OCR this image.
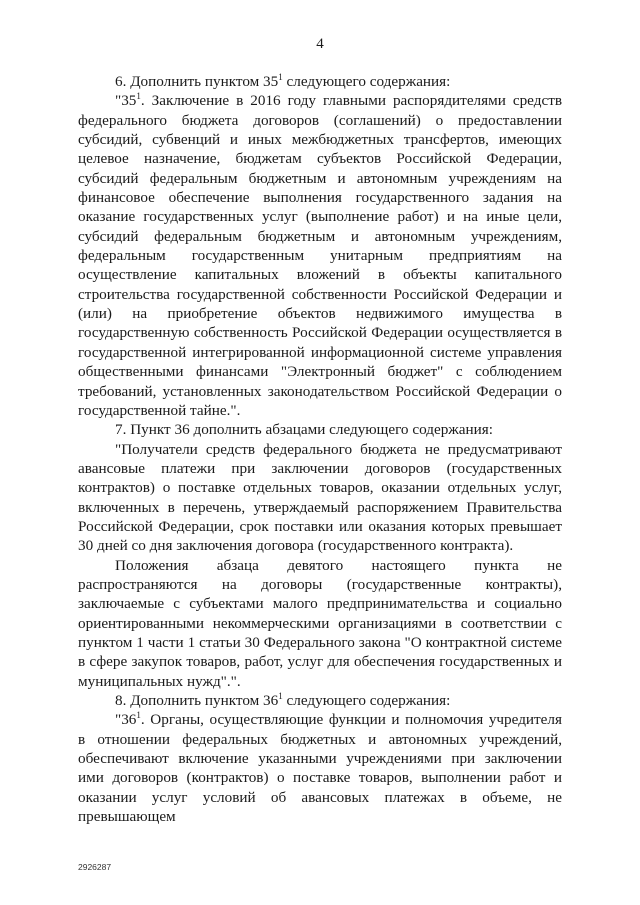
4

6. Дополнить пунктом $35^1$ следующего содержания:

"$35^1$. Заключение в 2016 году главными распорядителями средств федерального бюджета договоров (соглашений) о предоставлении субсидий, субвенций и иных межбюджетных трансфертов, имеющих целевое назначение, бюджетам субъектов Российской Федерации, субсидий федеральным бюджетным и автономным учреждениям на финансовое обеспечение выполнения государственного задания на оказание государственных услуг (выполнение работ) и на иные цели, субсидий федеральным бюджетным и автономным учреждениям, федеральным государственным унитарным предприятиям на осуществление капитальных вложений в объекты капитального строительства государственной собственности Российской Федерации и (или) на приобретение объектов недвижимого имущества в государственную собственность Российской Федерации осуществляется в государственной интегрированной информационной системе управления общественными финансами "Электронный бюджет" с соблюдением требований, установленных законодательством Российской Федерации о государственной тайне.".

7. Пункт 36 дополнить абзацами следующего содержания:

"Получатели средств федерального бюджета не предусматривают авансовые платежи при заключении договоров (государственных контрактов) о поставке отдельных товаров, оказании отдельных услуг, включенных в перечень, утверждаемый распоряжением Правительства Российской Федерации, срок поставки или оказания которых превышает 30 дней со дня заключения договора (государственного контракта).

Положения абзаца девятого настоящего пункта не распространяются на договоры (государственные контракты), заключаемые с субъектами малого предпринимательства и социально ориентированными некоммерческими организациями в соответствии с пунктом 1 части 1 статьи 30 Федерального закона "О контрактной системе в сфере закупок товаров, работ, услуг для обеспечения государственных и муниципальных нужд".".

8. Дополнить пунктом $36^1$ следующего содержания:

"$36^1$. Органы, осуществляющие функции и полномочия учредителя в отношении федеральных бюджетных и автономных учреждений, обеспечивают включение указанными учреждениями при заключении ими договоров (контрактов) о поставке товаров, выполнении работ и оказании услуг условий об авансовых платежах в объеме, не превышающем

2926287
